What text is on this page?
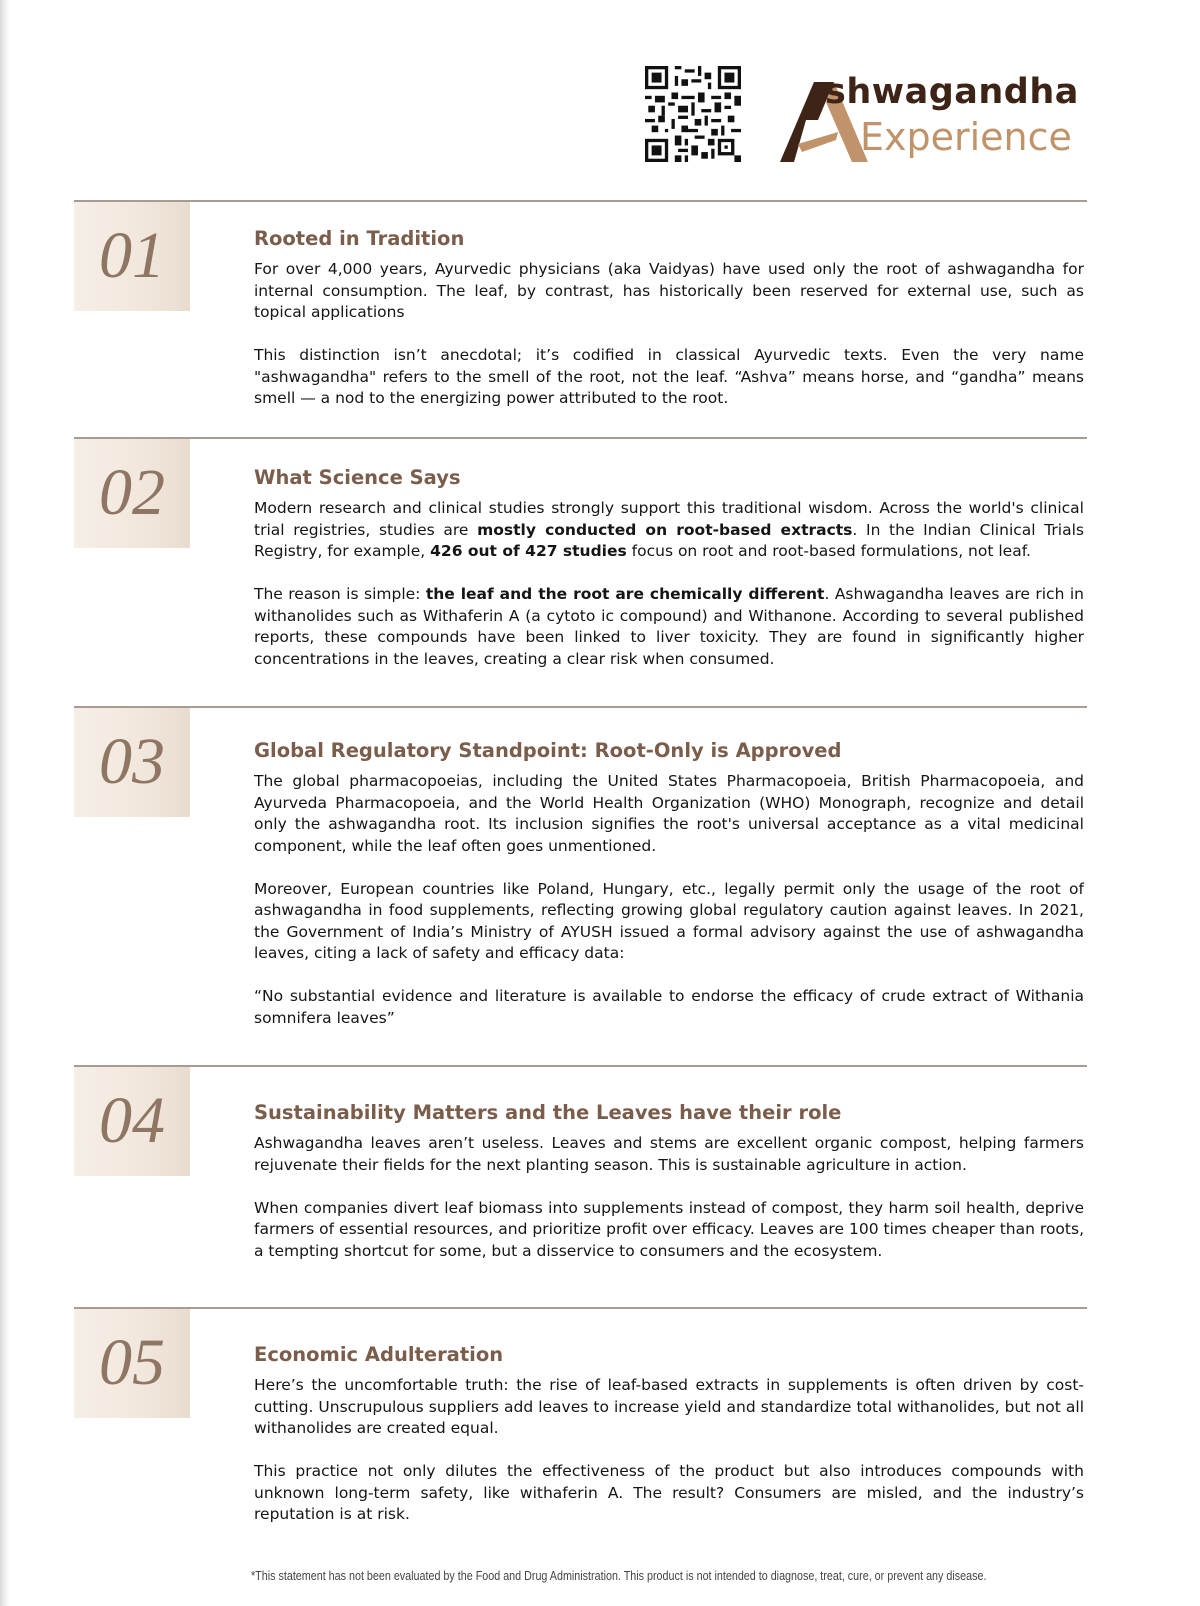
shwagandha
Experience
01	Rooted in Tradition

For over 4,000 years, Ayurvedic physicians (aka Vaidyas) have used only the root of ashwagandha for internal consumption. The leaf, by contrast, has historically been reserved for external use, such as topical applications

This distinction isn’t anecdotal; it’s codified in classical Ayurvedic texts. Even the very name "ashwagandha" refers to the smell of the root, not the leaf. “Ashva” means horse, and “gandha” means smell — a nod to the energizing power attributed to the root.

02	What Science Says

Modern research and clinical studies strongly support this traditional wisdom. Across the world's clinical trial registries, studies are mostly conducted on root-based extracts. In the Indian Clinical Trials Registry, for example, 426 out of 427 studies focus on root and root-based formulations, not leaf.

The reason is simple: the leaf and the root are chemically different. Ashwagandha leaves are rich in withanolides such as Withaferin A (a cytoto ic compound) and Withanone. According to several published reports, these compounds have been linked to liver toxicity. They are found in significantly higher concentrations in the leaves, creating a clear risk when consumed.

03	Global Regulatory Standpoint: Root-Only is Approved

The global pharmacopoeias, including the United States Pharmacopoeia, British Pharmacopoeia, and Ayurveda Pharmacopoeia, and the World Health Organization (WHO) Monograph, recognize and detail only the ashwagandha root. Its inclusion signifies the root's universal acceptance as a vital medicinal component, while the leaf often goes unmentioned.

Moreover, European countries like Poland, Hungary, etc., legally permit only the usage of the root of ashwagandha in food supplements, reflecting growing global regulatory caution against leaves. In 2021, the Government of India’s Ministry of AYUSH issued a formal advisory against the use of ashwagandha leaves, citing a lack of safety and efficacy data:

“No substantial evidence and literature is available to endorse the efficacy of crude extract of Withania somnifera leaves”

04	Sustainability Matters and the Leaves have their role

Ashwagandha leaves aren’t useless. Leaves and stems are excellent organic compost, helping farmers rejuvenate their fields for the next planting season. This is sustainable agriculture in action.

When companies divert leaf biomass into supplements instead of compost, they harm soil health, deprive farmers of essential resources, and prioritize profit over efficacy. Leaves are 100 times cheaper than roots, a tempting shortcut for some, but a disservice to consumers and the ecosystem.

05	Economic Adulteration

Here’s the uncomfortable truth: the rise of leaf-based extracts in supplements is often driven by cost-cutting. Unscrupulous suppliers add leaves to increase yield and standardize total withanolides, but not all withanolides are created equal.

This practice not only dilutes the effectiveness of the product but also introduces compounds with unknown long-term safety, like withaferin A. The result? Consumers are misled, and the industry’s reputation is at risk.

*This statement has not been evaluated by the Food and Drug Administration. This product is not intended to diagnose, treat, cure, or prevent any disease.
